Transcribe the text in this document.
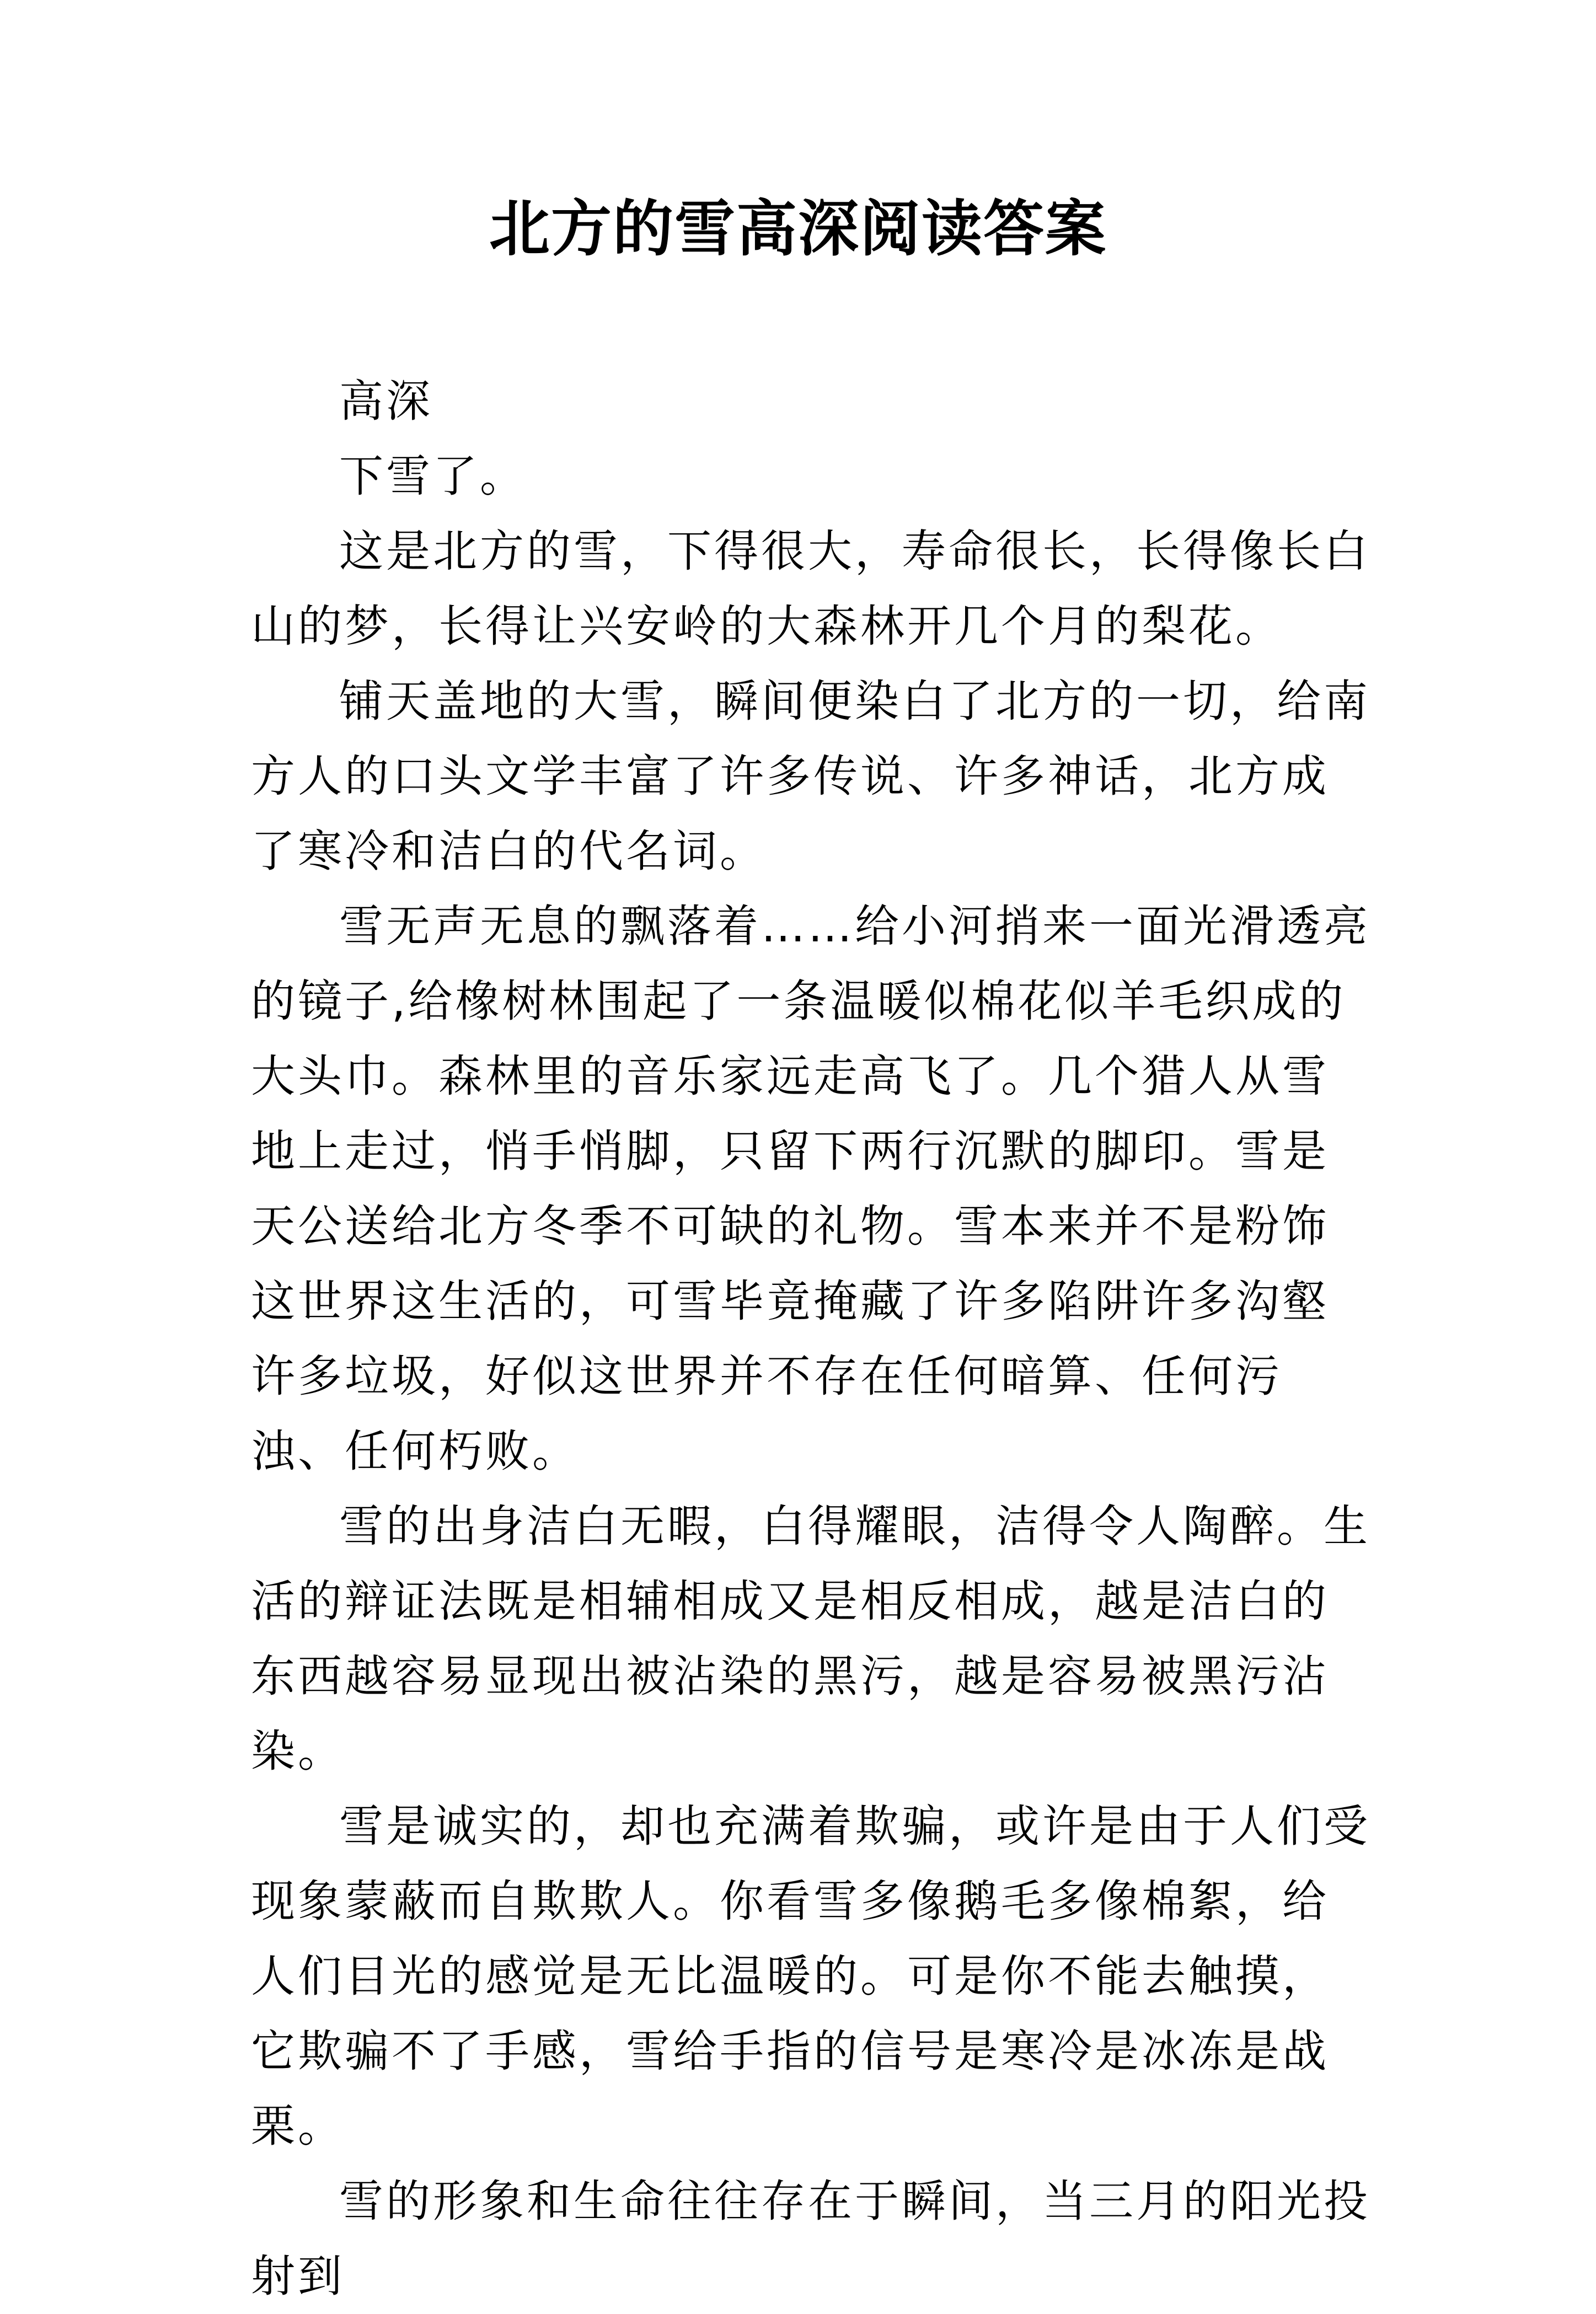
北方的雪高深阅读答案

高深

下雪了。

这是北方的雪，下得很大，寿命很长，长得像长白山的梦，长得让兴安岭的大森林开几个月的梨花。

铺天盖地的大雪，瞬间便染白了北方的一切，给南方人的口头文学丰富了许多传说、许多神话，北方成了寒冷和洁白的代名词。

雪无声无息的飘落着……给小河捎来一面光滑透亮的镜子,给橡树林围起了一条温暖似棉花似羊毛织成的大头巾。森林里的音乐家远走高飞了。几个猎人从雪地上走过，悄手悄脚，只留下两行沉默的脚印。雪是天公送给北方冬季不可缺的礼物。雪本来并不是粉饰这世界这生活的，可雪毕竟掩藏了许多陷阱许多沟壑许多垃圾，好似这世界并不存在任何暗算、任何污浊、任何朽败。

雪的出身洁白无暇，白得耀眼，洁得令人陶醉。生活的辩证法既是相辅相成又是相反相成，越是洁白的东西越容易显现出被沾染的黑污，越是容易被黑污沾染。

雪是诚实的，却也充满着欺骗，或许是由于人们受现象蒙蔽而自欺欺人。你看雪多像鹅毛多像棉絮，给人们目光的感觉是无比温暖的。可是你不能去触摸，它欺骗不了手感，雪给手指的信号是寒冷是冰冻是战栗。

雪的形象和生命往往存在于瞬间，当三月的阳光投射到
